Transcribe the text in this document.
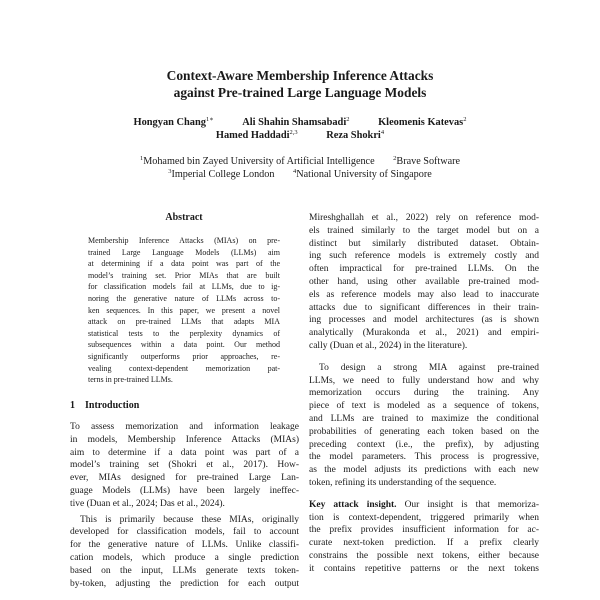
Context-Aware Membership Inference Attacks
against Pre-trained Large Language Models
Hongyan Chang$^{1∗}$	Ali Shahin Shamsabadi$^2$	Kleomenis Katevas$^2$
Hamed Haddadi$^{2,3}$	Reza Shokri$^4$
$^1$Mohamed bin Zayed University of Artificial Intelligence	$^2$Brave Software
$^3$Imperial College London	$^4$National University of Singapore
Abstract
Membership Inference Attacks (MIAs) on pre-
trained Large Language Models (LLMs) aim
at determining if a data point was part of the
model’s training set. Prior MIAs that are built
for classification models fail at LLMs, due to ig-
noring the generative nature of LLMs across to-
ken sequences. In this paper, we present a novel
attack on pre-trained LLMs that adapts MIA
statistical tests to the perplexity dynamics of
subsequences within a data point. Our method
significantly outperforms prior approaches, re-
vealing context-dependent memorization pat-
terns in pre-trained LLMs.
1 Introduction
To assess memorization and information leakage
in models, Membership Inference Attacks (MIAs)
aim to determine if a data point was part of a
model’s training set (Shokri et al., 2017). How-
ever, MIAs designed for pre-trained Large Lan-
guage Models (LLMs) have been largely ineffec-
tive (Duan et al., 2024; Das et al., 2024).
This is primarily because these MIAs, originally
developed for classification models, fail to account
for the generative nature of LLMs. Unlike classifi-
cation models, which produce a single prediction
based on the input, LLMs generate texts token-
by-token, adjusting the prediction for each output
Mireshghallah et al., 2022) rely on reference mod-
els trained similarly to the target model but on a
distinct but similarly distributed dataset. Obtain-
ing such reference models is extremely costly and
often impractical for pre-trained LLMs. On the
other hand, using other available pre-trained mod-
els as reference models may also lead to inaccurate
attacks due to significant differences in their train-
ing processes and model architectures (as is shown
analytically (Murakonda et al., 2021) and empiri-
cally (Duan et al., 2024) in the literature).
To design a strong MIA against pre-trained
LLMs, we need to fully understand how and why
memorization occurs during the training. Any
piece of text is modeled as a sequence of tokens,
and LLMs are trained to maximize the conditional
probabilities of generating each token based on the
preceding context (i.e., the prefix), by adjusting
the model parameters. This process is progressive,
as the model adjusts its predictions with each new
token, refining its understanding of the sequence.
Key attack insight. Our insight is that memoriza-
tion is context-dependent, triggered primarily when
the prefix provides insufficient information for ac-
curate next-token prediction. If a prefix clearly
constrains the possible next tokens, either because
it contains repetitive patterns or the next tokens
